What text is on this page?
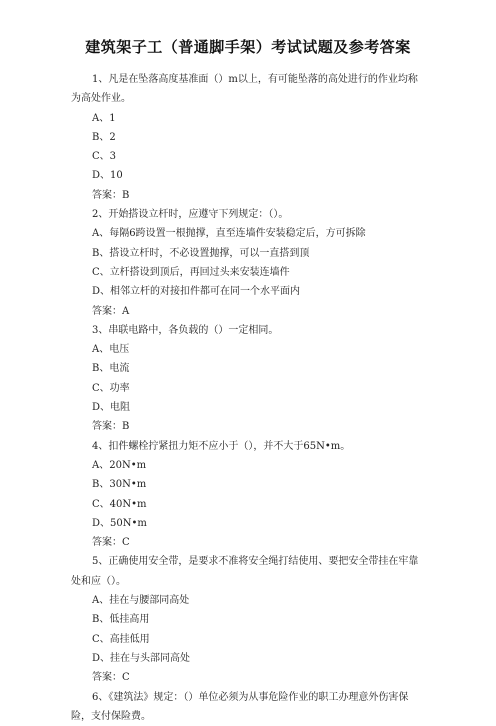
建筑架子工（普通脚手架）考试试题及参考答案
1、凡是在坠落高度基准面（）m以上，有可能坠落的高处进行的作业均称
为高处作业。
A、1
B、2
C、3
D、10
答案：B
2、开始搭设立杆时，应遵守下列规定：（）。
A、每隔6跨设置一根抛撑，直至连墙件安装稳定后，方可拆除
B、搭设立杆时，不必设置抛撑，可以一直搭到顶
C、立杆搭设到顶后，再回过头来安装连墙件
D、相邻立杆的对接扣件都可在同一个水平面内
答案：A
3、串联电路中，各负载的（）一定相同。
A、电压
B、电流
C、功率
D、电阻
答案：B
4、扣件螺栓拧紧扭力矩不应小于（），并不大于65N•m。
A、20N•m
B、30N•m
C、40N•m
D、50N•m
答案：C
5、正确使用安全带，是要求不准将安全绳打结使用、要把安全带挂在牢靠
处和应（）。
A、挂在与腰部同高处
B、低挂高用
C、高挂低用
D、挂在与头部同高处
答案：C
6、《建筑法》规定：（）单位必须为从事危险作业的职工办理意外伤害保
险，支付保险费。
